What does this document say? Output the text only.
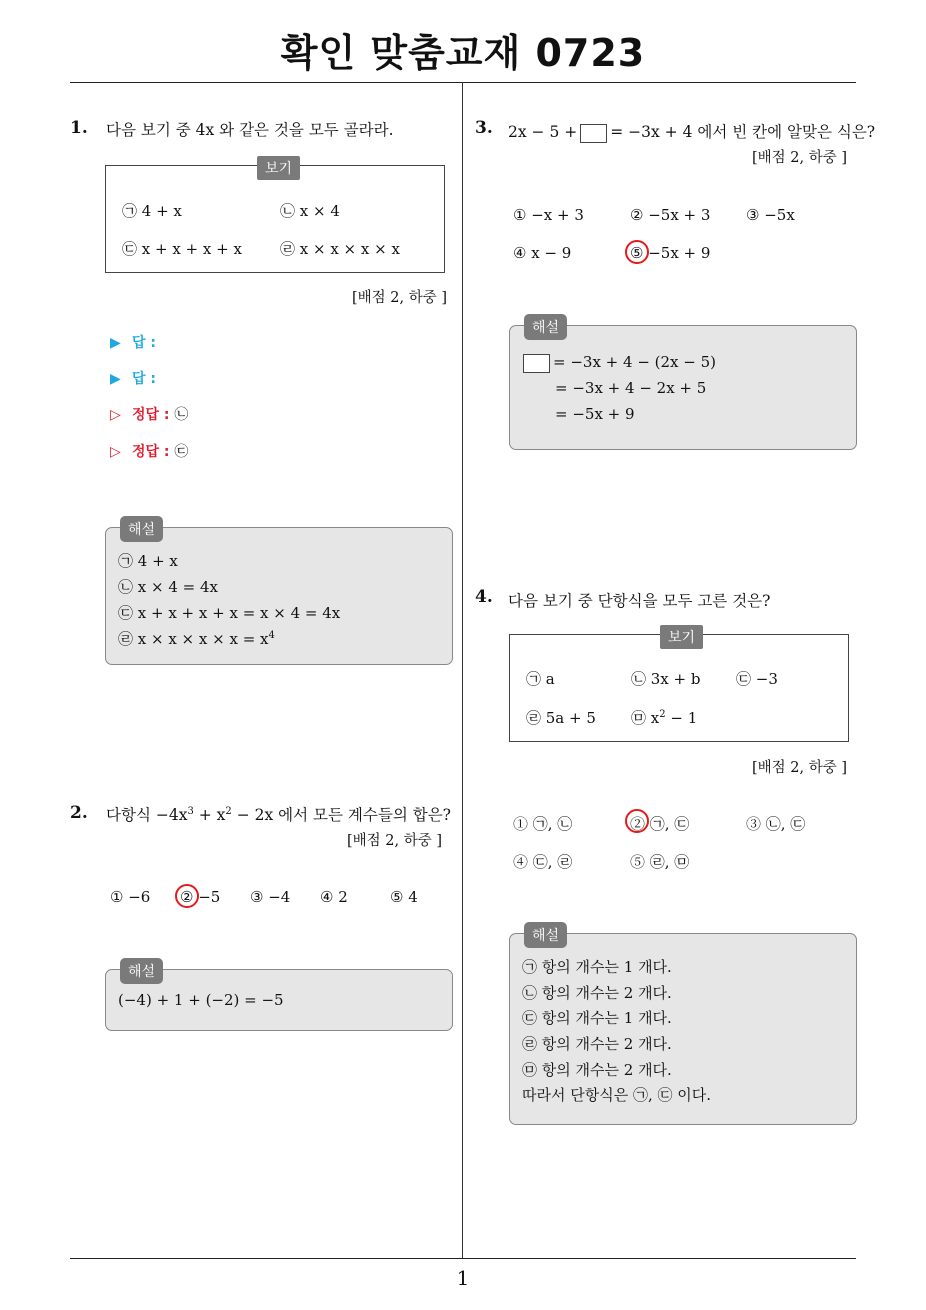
확인 맞춤교재 0723
1
1. 다음 보기 중 4x 와 같은 것을 모두 골라라.
보기
㉠ 4 + x	㉡ x × 4
㉢ x + x + x + x	㉣ x × x × x × x
[배점 2, 하중 ]
▶ 답 :
▶ 답 :
▷ 정답 : ㉡
▷ 정답 : ㉢
해설
㉠ 4 + x
㉡ x × 4 = 4x
㉢ x + x + x + x = x × 4 = 4x
㉣ $x \times x \times x \times x = x^4$
2. 다항식 $-4x^3 + x^2 - 2x$ 에서 모든 계수들의 합은?
[배점 2, 하중 ]
① −6 ② −5 ③ −4 ④ 2	⑤ 4
해설
(−4) + 1 + (−2) = −5
3. 2x − 5 + = −3x + 4 에서 빈 칸에 알맞은 식은?
[배점 2, 하중 ]
① −x + 3	② −5x + 3 ③ −5x
④ x − 9	⑤ −5x + 9
해설
= −3x + 4 − (2x − 5)
= −3x + 4 − 2x + 5
= −5x + 9
4. 다음 보기 중 단항식을 모두 고른 것은?
보기
㉠ a	㉡ 3x + b ㉢ −3
㉣ 5a + 5 ㉤ $x^2 - 1$
[배점 2, 하중 ]
① ㉠, ㉡	② ㉠, ㉢	③ ㉡, ㉢
④ ㉢, ㉣	⑤ ㉣, ㉤
해설
㉠ 항의 개수는 1 개다.
㉡ 항의 개수는 2 개다.
㉢ 항의 개수는 1 개다.
㉣ 항의 개수는 2 개다.
㉤ 항의 개수는 2 개다.
따라서 단항식은 ㉠, ㉢ 이다.
